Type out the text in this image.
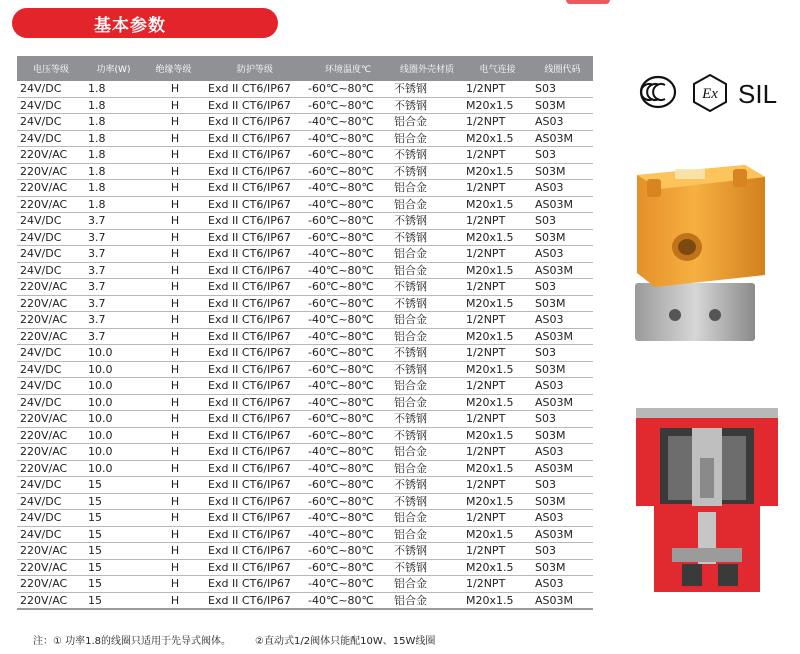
基本参数
电压等级	功率(W)	绝缘等级	防护等级	环境温度℃	线圈外壳材质	电气连接	线圈代码
24V/DC	1.8	H	Exd II CT6/IP67	-60℃~80℃	不锈钢	1/2NPT	S03
24V/DC	1.8	H	Exd II CT6/IP67	-60℃~80℃	不锈钢	M20x1.5	S03M
24V/DC	1.8	H	Exd II CT6/IP67	-40℃~80℃	铝合金	1/2NPT	AS03
24V/DC	1.8	H	Exd II CT6/IP67	-40℃~80℃	铝合金	M20x1.5	AS03M
220V/AC	1.8	H	Exd II CT6/IP67	-60℃~80℃	不锈钢	1/2NPT	S03
220V/AC	1.8	H	Exd II CT6/IP67	-60℃~80℃	不锈钢	M20x1.5	S03M
220V/AC	1.8	H	Exd II CT6/IP67	-40℃~80℃	铝合金	1/2NPT	AS03
220V/AC	1.8	H	Exd II CT6/IP67	-40℃~80℃	铝合金	M20x1.5	AS03M
24V/DC	3.7	H	Exd II CT6/IP67	-60℃~80℃	不锈钢	1/2NPT	S03
24V/DC	3.7	H	Exd II CT6/IP67	-60℃~80℃	不锈钢	M20x1.5	S03M
24V/DC	3.7	H	Exd II CT6/IP67	-40℃~80℃	铝合金	1/2NPT	AS03
24V/DC	3.7	H	Exd II CT6/IP67	-40℃~80℃	铝合金	M20x1.5	AS03M
220V/AC	3.7	H	Exd II CT6/IP67	-60℃~80℃	不锈钢	1/2NPT	S03
220V/AC	3.7	H	Exd II CT6/IP67	-60℃~80℃	不锈钢	M20x1.5	S03M
220V/AC	3.7	H	Exd II CT6/IP67	-40℃~80℃	铝合金	1/2NPT	AS03
220V/AC	3.7	H	Exd II CT6/IP67	-40℃~80℃	铝合金	M20x1.5	AS03M
24V/DC	10.0	H	Exd II CT6/IP67	-60℃~80℃	不锈钢	1/2NPT	S03
24V/DC	10.0	H	Exd II CT6/IP67	-60℃~80℃	不锈钢	M20x1.5	S03M
24V/DC	10.0	H	Exd II CT6/IP67	-40℃~80℃	铝合金	1/2NPT	AS03
24V/DC	10.0	H	Exd II CT6/IP67	-40℃~80℃	铝合金	M20x1.5	AS03M
220V/AC	10.0	H	Exd II CT6/IP67	-60℃~80℃	不锈钢	1/2NPT	S03
220V/AC	10.0	H	Exd II CT6/IP67	-60℃~80℃	不锈钢	M20x1.5	S03M
220V/AC	10.0	H	Exd II CT6/IP67	-40℃~80℃	铝合金	1/2NPT	AS03
220V/AC	10.0	H	Exd II CT6/IP67	-40℃~80℃	铝合金	M20x1.5	AS03M
24V/DC	15	H	Exd II CT6/IP67	-60℃~80℃	不锈钢	1/2NPT	S03
24V/DC	15	H	Exd II CT6/IP67	-60℃~80℃	不锈钢	M20x1.5	S03M
24V/DC	15	H	Exd II CT6/IP67	-40℃~80℃	铝合金	1/2NPT	AS03
24V/DC	15	H	Exd II CT6/IP67	-40℃~80℃	铝合金	M20x1.5	AS03M
220V/AC	15	H	Exd II CT6/IP67	-60℃~80℃	不锈钢	1/2NPT	S03
220V/AC	15	H	Exd II CT6/IP67	-60℃~80℃	不锈钢	M20x1.5	S03M
220V/AC	15	H	Exd II CT6/IP67	-40℃~80℃	铝合金	1/2NPT	AS03
220V/AC	15	H	Exd II CT6/IP67	-40℃~80℃	铝合金	M20x1.5	AS03M
注：① 功率1.8的线圈只适用于先导式阀体。 ②直动式1/2阀体只能配10W、15W线圈
Ex SIL
